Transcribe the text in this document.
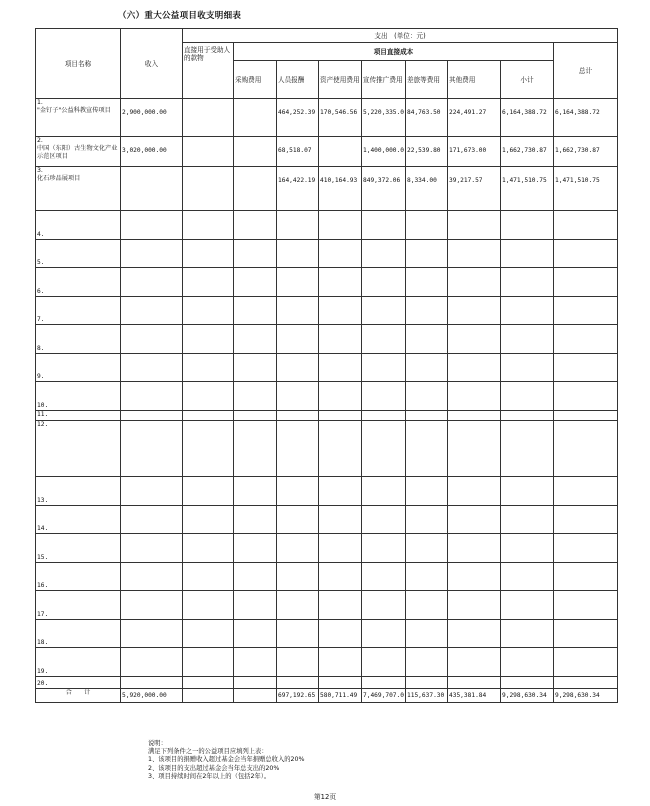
（六）重大公益项目收支明细表
项目名称	收入	支出　(单位：元)								
		直接用于受助人的款物	项目直接成本							总计
			采购费用	人员报酬	资产使用费用	宣传推广费用	差旅等费用	其他费用	小计	

1.
"金钉子"公益科教宣传项目	2,900,000.00			464,252.39	170,546.56	5,220,335.0	84,763.50	224,491.27	6,164,388.72	6,164,388.72

2.
中国（东阳）古生物文化产业示范区项目	3,020,000.00			68,518.07		1,400,000.0	22,539.80	171,673.00	1,662,730.87	1,662,730.87

3.
化石珍品展项目				164,422.19	410,164.93	849,372.06	8,334.00	39,217.57	1,471,510.75	1,471,510.75
4.										
5.										
6.										
7.										
8.										
9.										
10.										
11.										
12.										
13.										
14.										
15.										
16.										
17.										
18.										
19.										
20.										
合　　计	5,920,000.00			697,192.65	580,711.49	7,469,707.0	115,637.30	435,381.84	9,298,630.34	9,298,630.34
说明：
满足下列条件之一的公益项目应填列上表：
1、该项目的捐赠收入超过基金会当年捐赠总收入的20%
2、该项目的支出超过基金会当年总支出的20%
3、项目持续时间在2年以上的（包括2年）。
第12页
